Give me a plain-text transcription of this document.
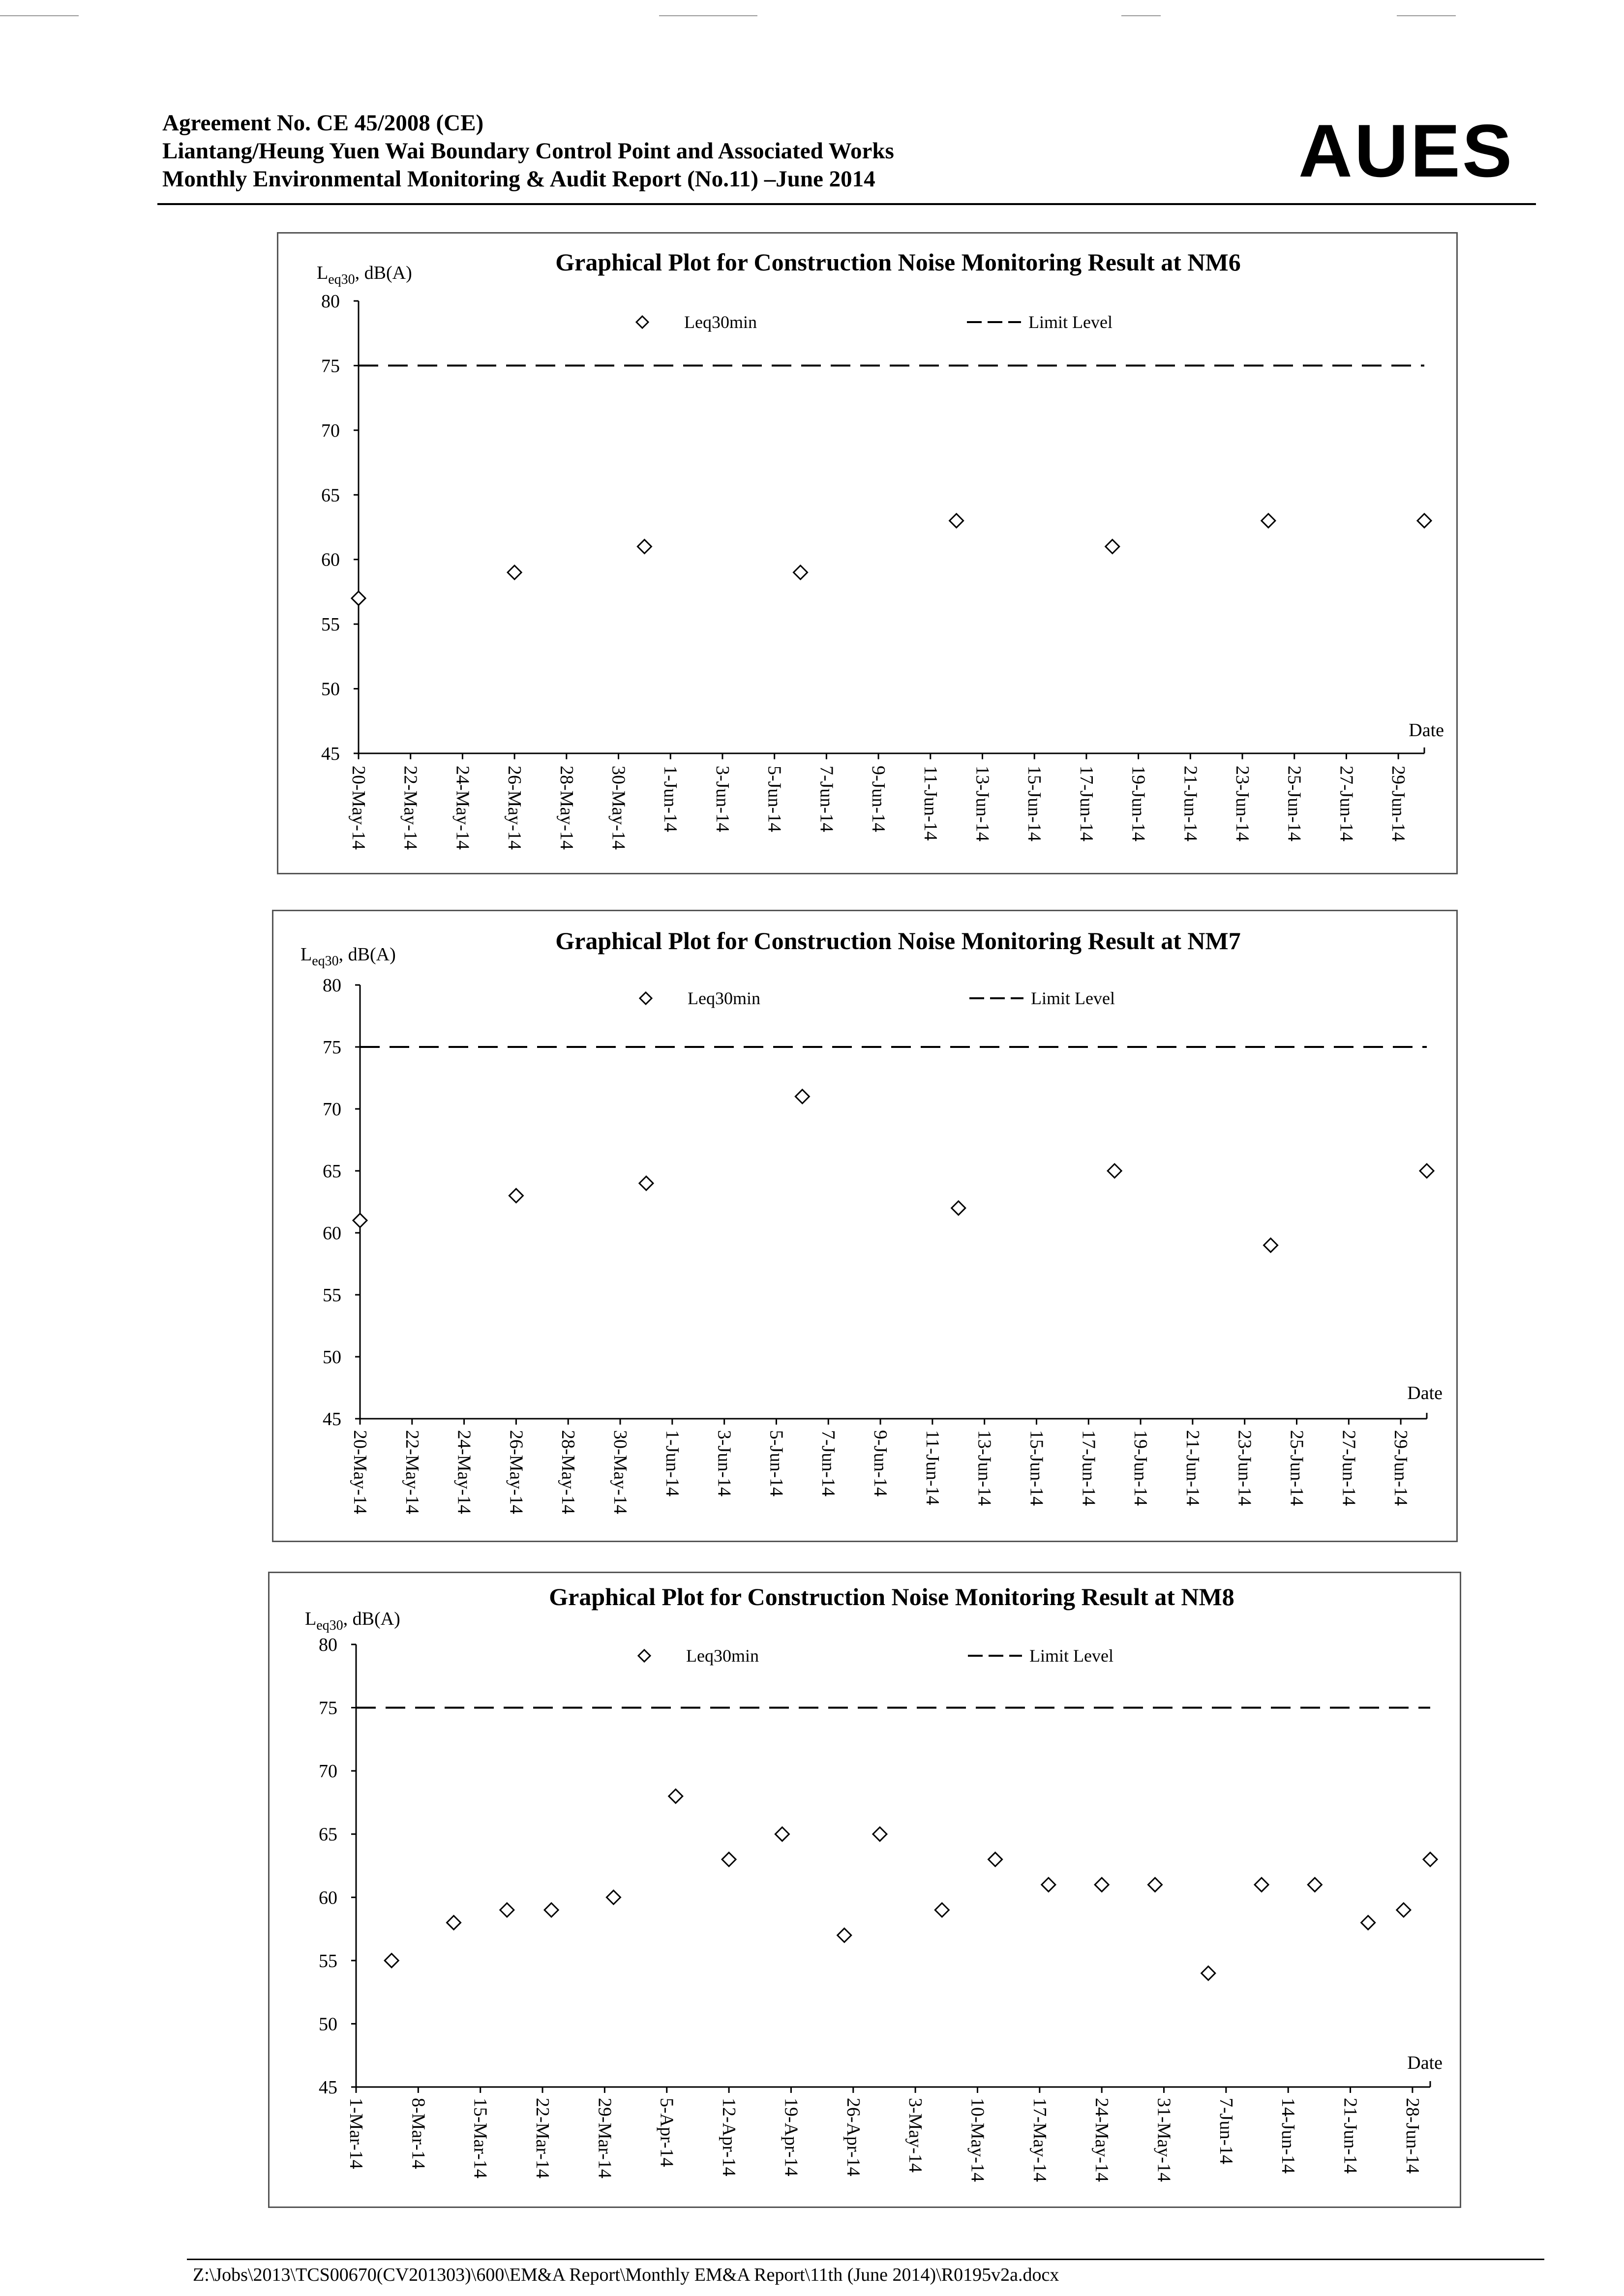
Agreement No. CE 45/2008 (CE)
Liantang/Heung Yuen Wai Boundary Control Point and Associated Works
Monthly Environmental Monitoring & Audit Report (No.11) –June 2014	AUES
Graphical Plot for Construction Noise Monitoring Result at NM6
$L_{eq30}$, dB(A)
45
50
55
60
65
70
75
80
20-May-14 22-May-14 24-May-14 26-May-14 28-May-14 30-May-14 1-Jun-14 3-Jun-14 5-Jun-14 7-Jun-14 9-Jun-14 11-Jun-14 13-Jun-14 15-Jun-14 17-Jun-14 19-Jun-14 21-Jun-14 23-Jun-14 25-Jun-14 27-Jun-14 29-Jun-14
Date
Leq30min	Limit Level
Graphical Plot for Construction Noise Monitoring Result at NM7
$L_{eq30}$, dB(A)
45
50
55
60
65
70
75
80
20-May-14 22-May-14 24-May-14 26-May-14 28-May-14 30-May-14 1-Jun-14 3-Jun-14 5-Jun-14 7-Jun-14 9-Jun-14 11-Jun-14 13-Jun-14 15-Jun-14 17-Jun-14 19-Jun-14 21-Jun-14 23-Jun-14 25-Jun-14 27-Jun-14 29-Jun-14
Date
Leq30min	Limit Level
Graphical Plot for Construction Noise Monitoring Result at NM8
$L_{eq30}$, dB(A)
45
50
55
60
65
70
75
80
1-Mar-14 8-Mar-14 15-Mar-14 22-Mar-14 29-Mar-14 5-Apr-14 12-Apr-14 19-Apr-14 26-Apr-14 3-May-14 10-May-14 17-May-14 24-May-14 31-May-14 7-Jun-14 14-Jun-14 21-Jun-14 28-Jun-14
Date
Leq30min	Limit Level
Z:\Jobs\2013\TCS00670(CV201303)\600\EM&A Report\Monthly EM&A Report\11th (June 2014)\R0195v2a.docx
